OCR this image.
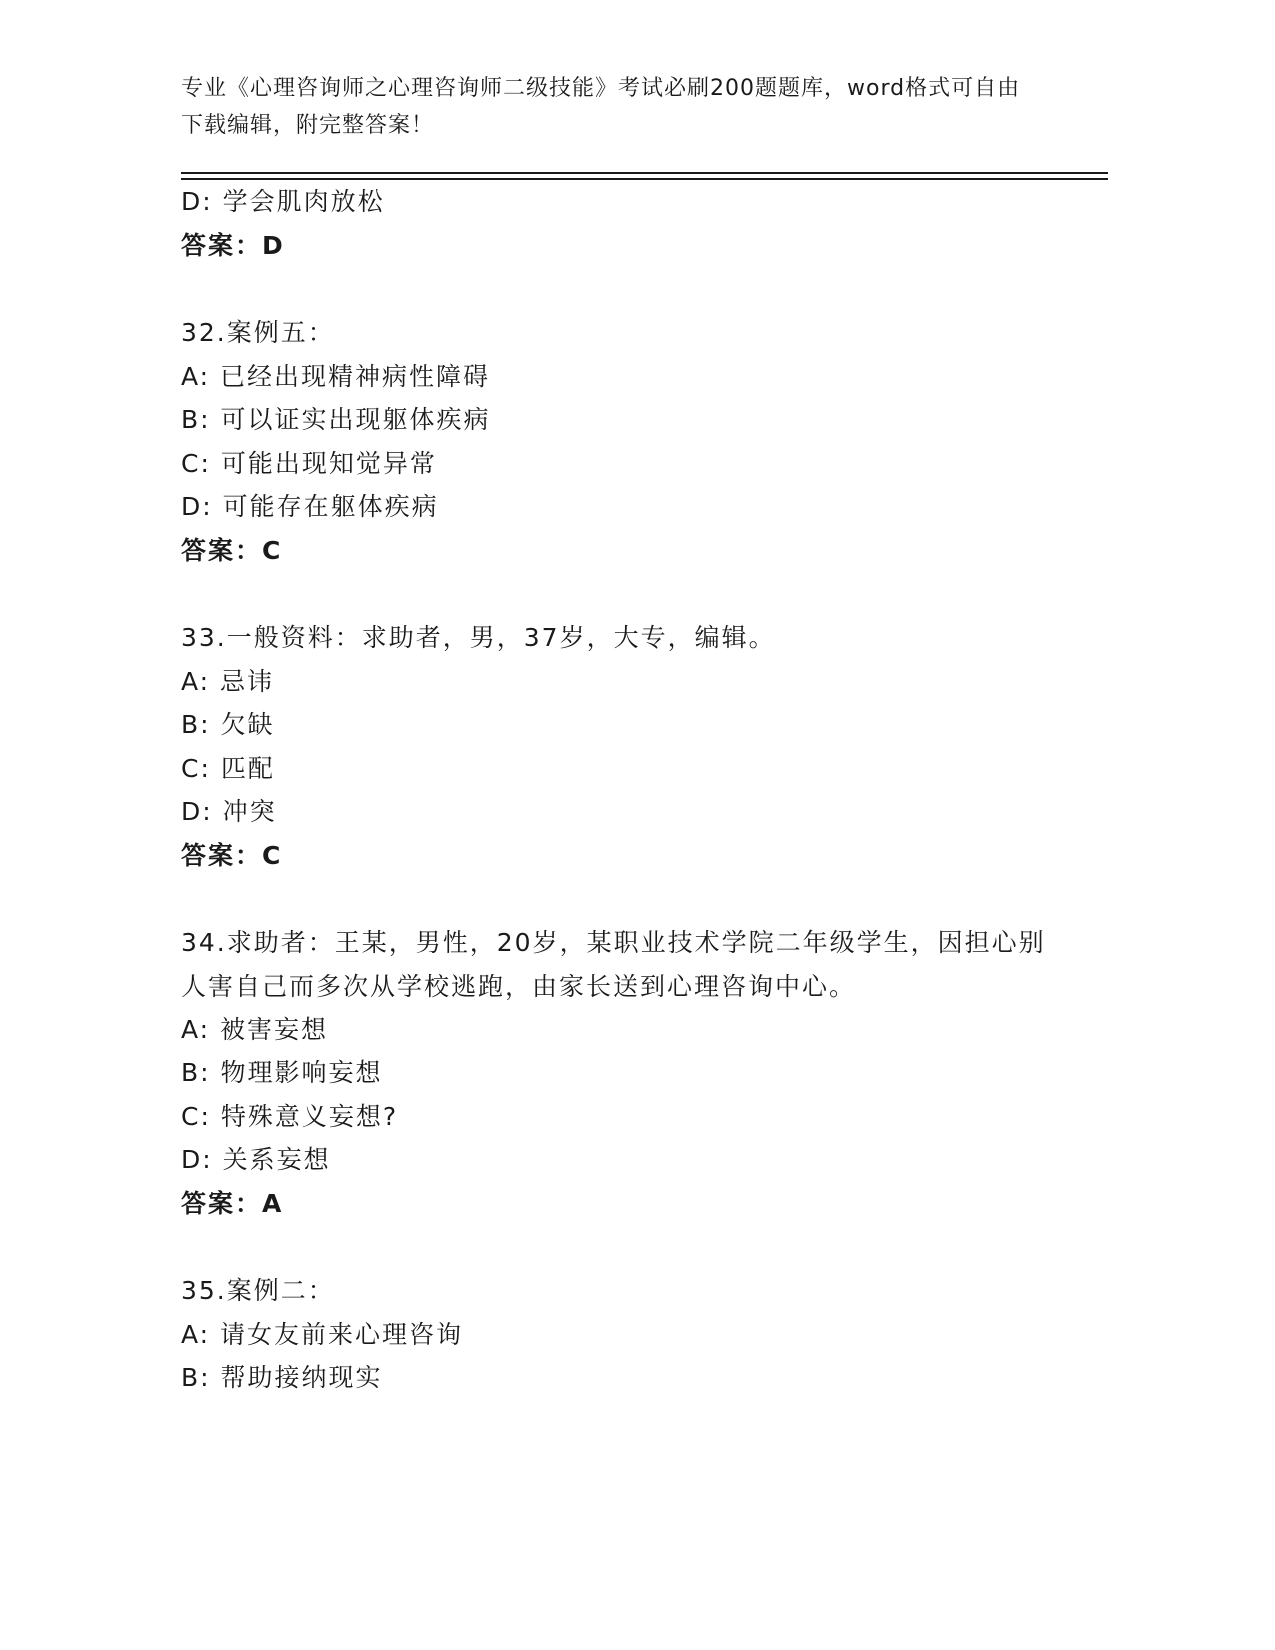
专业《心理咨询师之心理咨询师二级技能》考试必刷200题题库，word格式可自由下载编辑，附完整答案！
D: 学会肌肉放松
答案：D
32.案例五：
A: 已经出现精神病性障碍
B: 可以证实出现躯体疾病
C: 可能出现知觉异常
D: 可能存在躯体疾病
答案：C
33.一般资料：求助者，男，37岁，大专，编辑。
A: 忌讳
B: 欠缺
C: 匹配
D: 冲突
答案：C
34.求助者：王某，男性，20岁，某职业技术学院二年级学生，因担心别人害自己而多次从学校逃跑，由家长送到心理咨询中心。
A: 被害妄想
B: 物理影响妄想
C: 特殊意义妄想?
D: 关系妄想
答案：A
35.案例二：
A: 请女友前来心理咨询
B: 帮助接纳现实
